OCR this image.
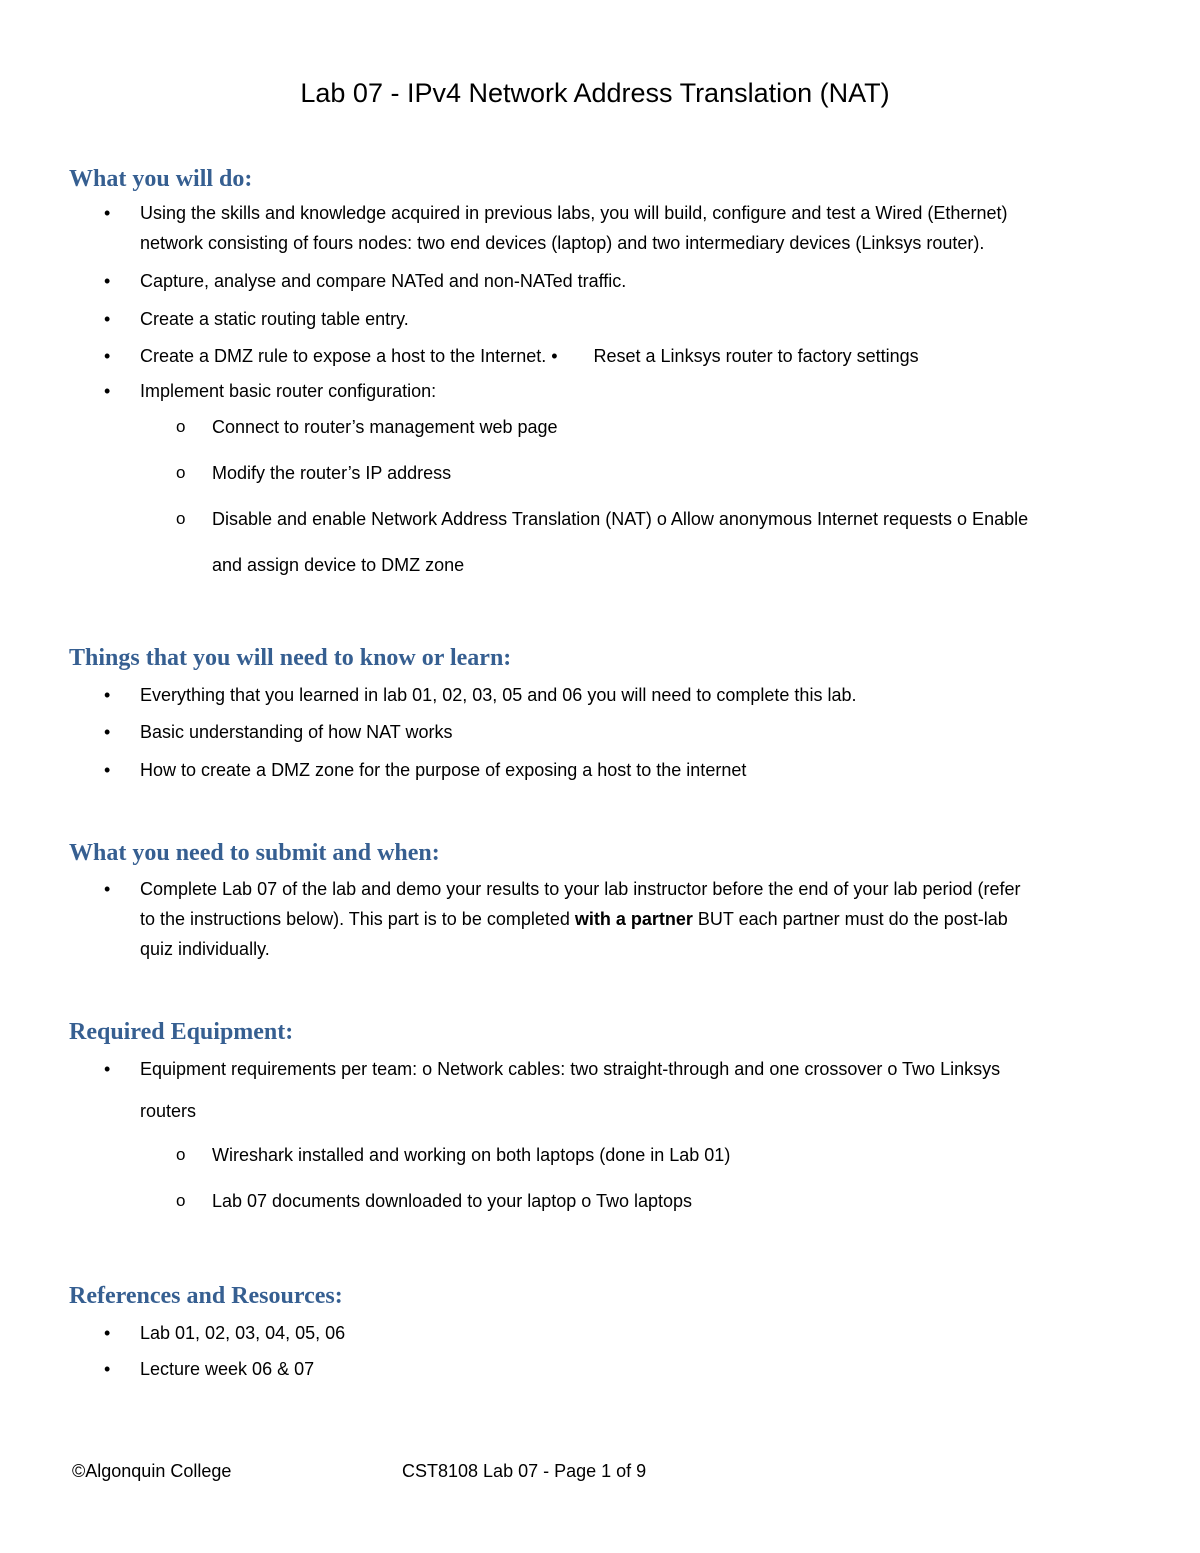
Lab 07 - IPv4 Network Address Translation (NAT)
What you will do:
• Using the skills and knowledge acquired in previous labs, you will build, configure and test a Wired (Ethernet)
network consisting of fours nodes: two end devices (laptop) and two intermediary devices (Linksys router).
• Capture, analyse and compare NATed and non-NATed traffic.
• Create a static routing table entry.
• Create a DMZ rule to expose a host to the Internet. • Reset a Linksys router to factory settings
• Implement basic router configuration:
o Connect to router’s management web page
o Modify the router’s IP address
o Disable and enable Network Address Translation (NAT) o Allow anonymous Internet requests o Enable
and assign device to DMZ zone
Things that you will need to know or learn:
• Everything that you learned in lab 01, 02, 03, 05 and 06 you will need to complete this lab.
• Basic understanding of how NAT works
• How to create a DMZ zone for the purpose of exposing a host to the internet
What you need to submit and when:
• Complete Lab 07 of the lab and demo your results to your lab instructor before the end of your lab period (refer
to the instructions below). This part is to be completed with a partner BUT each partner must do the post-lab
quiz individually.
Required Equipment:
• Equipment requirements per team: o Network cables: two straight-through and one crossover o Two Linksys
routers
o Wireshark installed and working on both laptops (done in Lab 01)
o Lab 07 documents downloaded to your laptop o Two laptops
References and Resources:
• Lab 01, 02, 03, 04, 05, 06
• Lecture week 06 & 07
©Algonquin College	CST8108 Lab 07 - Page 1 of 9
